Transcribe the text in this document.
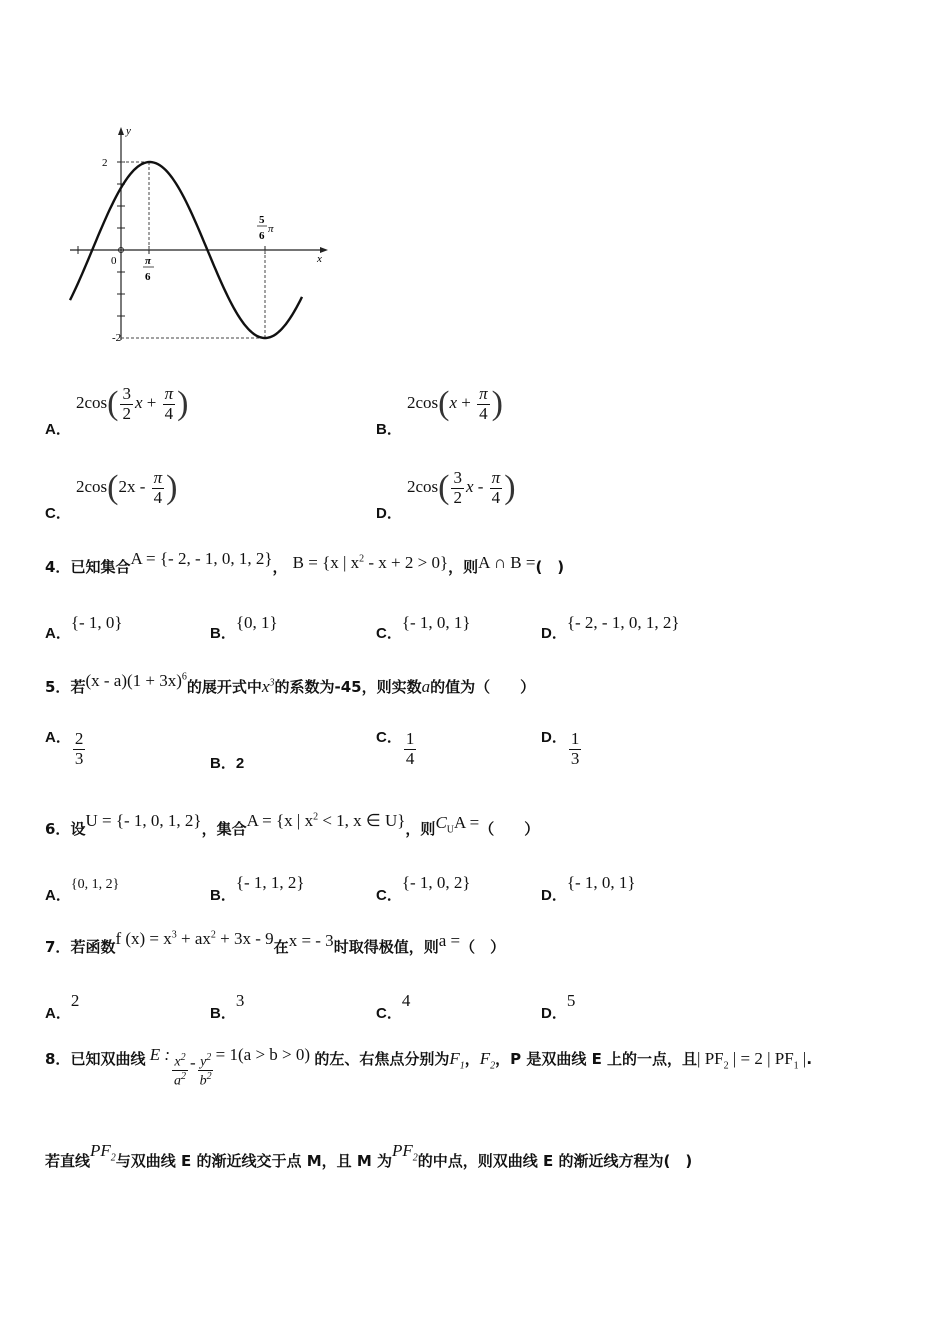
y
x
2
0	π
6
5
6
π
-2
A． $2\cos( \frac{3}{2}$ $x + \frac{\pi}{4}$ )
B． $2\cos(x + \frac{\pi}{4}$ )
C． $2\cos(2x - \frac{\pi}{4}$ )
D． $2\cos( \frac{3}{2}$ x - $\frac{\pi}{4}$ )
4．已知集合A = {- 2, - 1, 0, 1, 2}， B = {x | $x^2 - x + 2 > 0$}，则A ∩ B =(　)
A．{- 1, 0}
B．{0, 1}
C．{- 1, 0, 1}
D．{- 2, - 1, 0, 1, 2}
5．若$(x - a)(1 + 3x)^6$的展开式中$x^3$的系数为-45，则实数a的值为（　　）
A． $\frac{2}{3}$	B．2
C． $\frac{1}{4}$	D． $\frac{1}{3}$
6．设U = {- 1, 0, 1, 2}，集合A = {x | $x^2 < 1$, x ∈ U}，则$C_UA$ =（　　）
A．{0, 1, 2}
B．{- 1, 1, 2}
C．{- 1, 0, 2}
D．{- 1, 0, 1}
7．若函数f $(x) = x^3 + ax^2 + 3x - 9$在x = - 3时取得极值，则a =（　）
A．2
B．3
C．4
D．5
8．已知双曲线 E : $\frac{x^2}{a^2} - \frac{y^2}{b^2} = 1(a > b > 0)$ 的左、右焦点分别为$F_1$，$F_2$，P 是双曲线 E 上的一点，且| $PF_2$ | = 2 | $PF_1$ |.
若直线$PF_2$与双曲线 E 的渐近线交于点 M，且 M 为$PF_2$的中点，则双曲线 E 的渐近线方程为(　)
